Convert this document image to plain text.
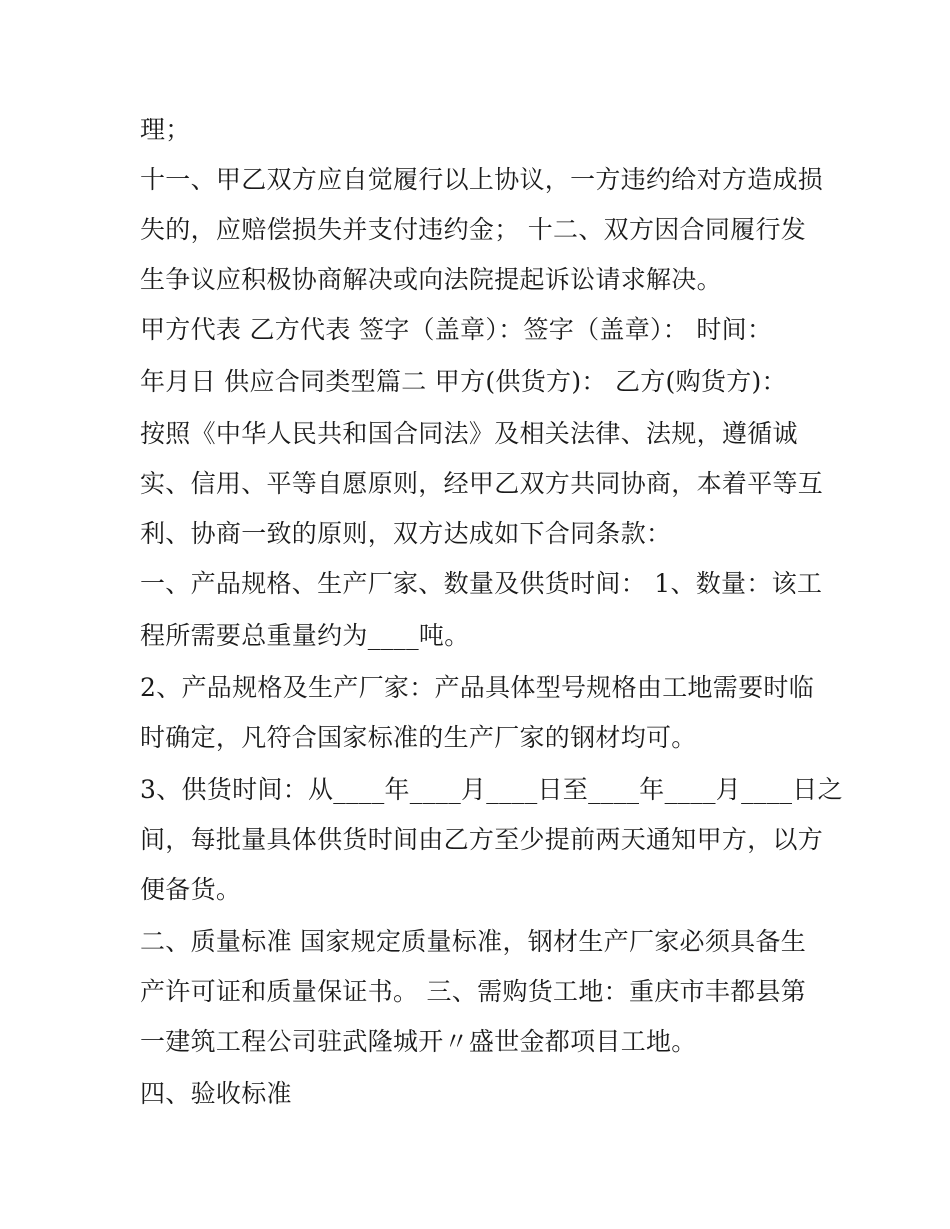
理；
十一、甲乙双方应自觉履行以上协议，一方违约给对方造成损
失的，应赔偿损失并支付违约金； 十二、双方因合同履行发
生争议应积极协商解决或向法院提起诉讼请求解决。
甲方代表 乙方代表 签字（盖章）：签字（盖章）： 时间：
年月日 供应合同类型篇二 甲方(供货方)： 乙方(购货方)：
按照《中华人民共和国合同法》及相关法律、法规，遵循诚
实、信用、平等自愿原则，经甲乙双方共同协商，本着平等互
利、协商一致的原则，双方达成如下合同条款：
一、产品规格、生产厂家、数量及供货时间： 1、数量：该工
程所需要总重量约为____吨。
2、产品规格及生产厂家：产品具体型号规格由工地需要时临
时确定，凡符合国家标准的生产厂家的钢材均可。
3、供货时间：从____年____月____日至____年____月____日之
间，每批量具体供货时间由乙方至少提前两天通知甲方，以方
便备货。
二、质量标准 国家规定质量标准，钢材生产厂家必须具备生
产许可证和质量保证书。 三、需购货工地：重庆市丰都县第
一建筑工程公司驻武隆城开〃盛世金都项目工地。
四、验收标准
